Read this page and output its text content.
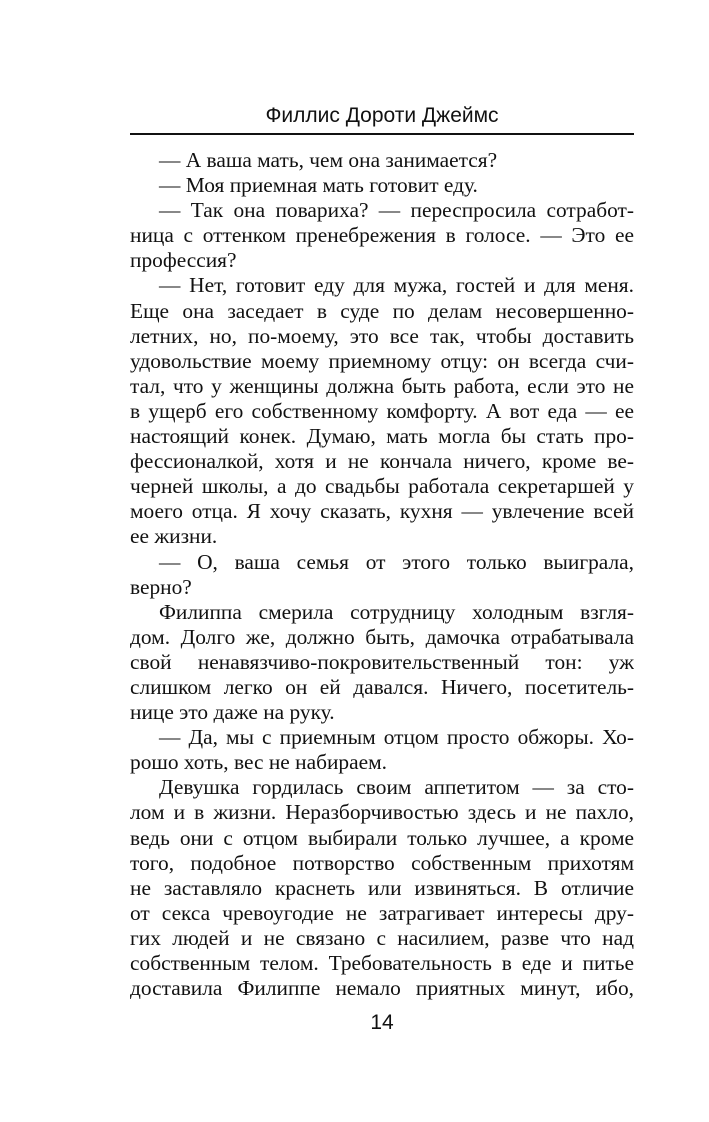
Филлис Дороти Джеймс
— А ваша мать, чем она занимается?
— Моя приемная мать готовит еду.
— Так она повариха? — переспросила сотработ-
ница с оттенком пренебрежения в голосе. — Это ее
профессия?
— Нет, готовит еду для мужа, гостей и для меня.
Еще она заседает в суде по делам несовершенно-
летних, но, по-моему, это все так, чтобы доставить
удовольствие моему приемному отцу: он всегда счи-
тал, что у женщины должна быть работа, если это не
в ущерб его собственному комфорту. А вот еда — ее
настоящий конек. Думаю, мать могла бы стать про-
фессионалкой, хотя и не кончала ничего, кроме ве-
черней школы, а до свадьбы работала секретаршей у
моего отца. Я хочу сказать, кухня — увлечение всей
ее жизни.
— О, ваша семья от этого только выиграла,
верно?
Филиппа смерила сотрудницу холодным взгля-
дом. Долго же, должно быть, дамочка отрабатывала
свой ненавязчиво-покровительственный тон: уж
слишком легко он ей давался. Ничего, посетитель-
нице это даже на руку.
— Да, мы с приемным отцом просто обжоры. Хо-
рошо хоть, вес не набираем.
Девушка гордилась своим аппетитом — за сто-
лом и в жизни. Неразборчивостью здесь и не пахло,
ведь они с отцом выбирали только лучшее, а кроме
того, подобное потворство собственным прихотям
не заставляло краснеть или извиняться. В отличие
от секса чревоугодие не затрагивает интересы дру-
гих людей и не связано с насилием, разве что над
собственным телом. Требовательность в еде и питье
доставила Филиппе немало приятных минут, ибо,
14
